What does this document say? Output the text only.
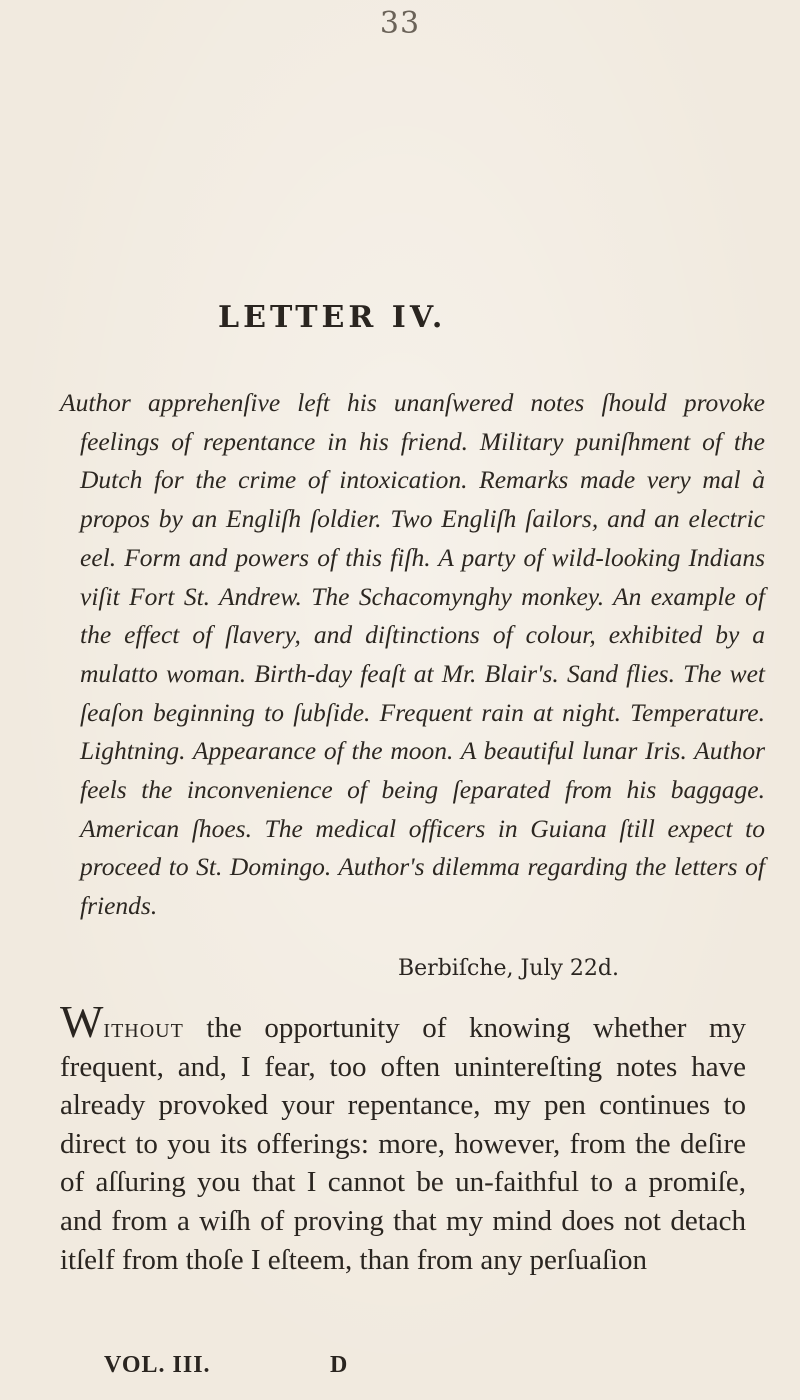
33
LETTER IV.
Author apprehenſive left his unanſwered notes ſhould provoke feelings of repentance in his friend. Military puniſhment of the Dutch for the crime of intoxication. Remarks made very mal à propos by an Engliſh ſoldier. Two Engliſh ſailors, and an electric eel. Form and powers of this fiſh. A party of wild-looking Indians viſit Fort St. Andrew. The Schacomynghy monkey. An example of the effect of ſlavery, and diſtinctions of colour, exhibited by a mulatto woman. Birth-day feaſt at Mr. Blair's. Sand flies. The wet ſeaſon beginning to ſubſide. Frequent rain at night. Temperature. Lightning. Appearance of the moon. A beautiful lunar Iris. Author feels the inconvenience of being ſeparated from his baggage. American ſhoes. The medical officers in Guiana ſtill expect to proceed to St. Domingo. Author's dilemma regarding the letters of friends.
Berbiſche, July 22d.
Without the opportunity of knowing whether my frequent, and, I fear, too often unintereſting notes have already provoked your repentance, my pen continues to direct to you its offerings: more, however, from the deſire of aſſuring you that I cannot be un-faithful to a promiſe, and from a wiſh of proving that my mind does not detach itſelf from thoſe I eſteem, than from any perſuaſion
VOL. III.	D
